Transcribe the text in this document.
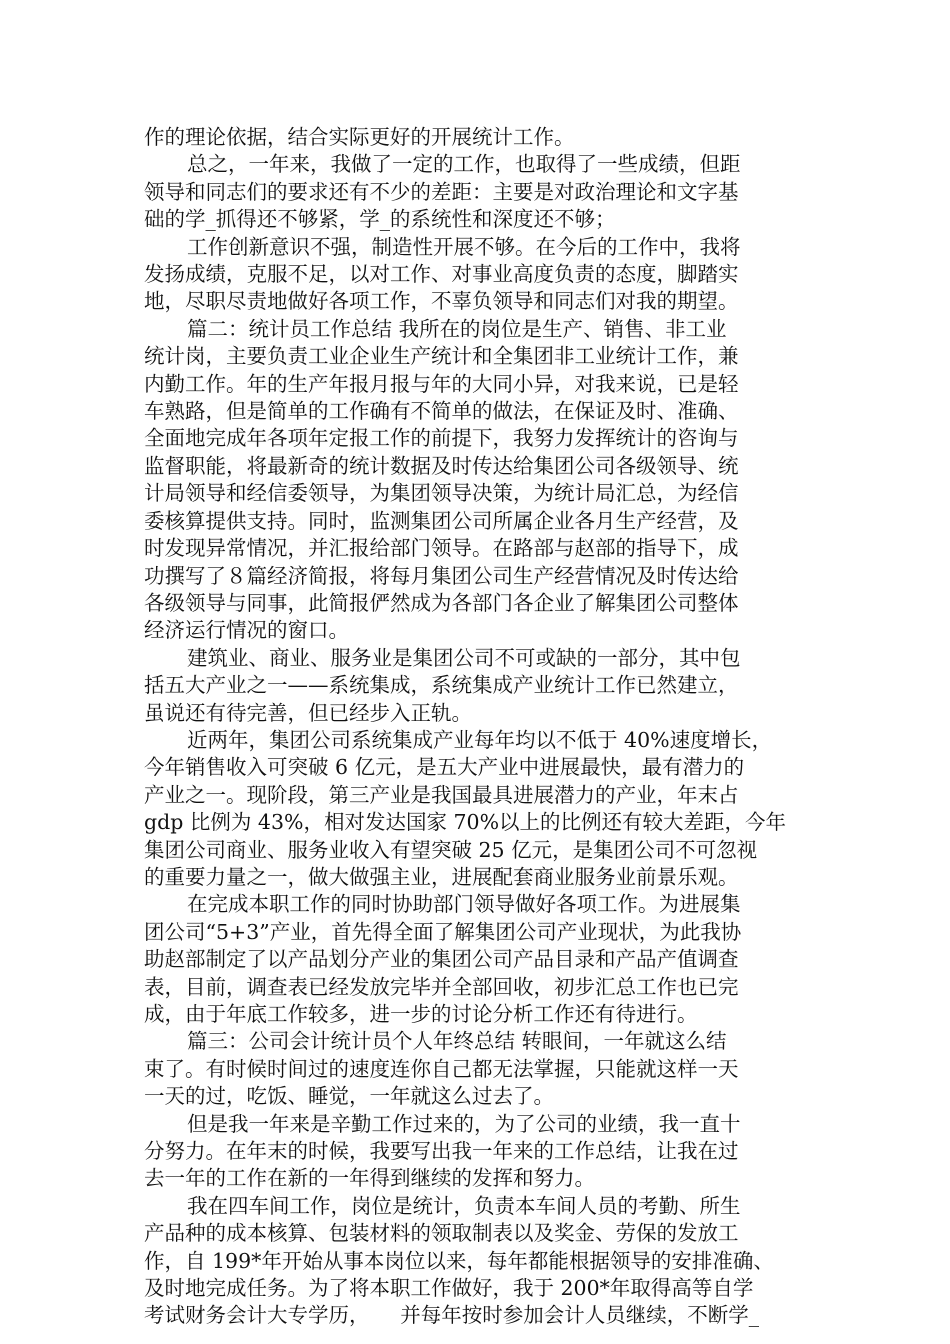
作的理论依据，结合实际更好的开展统计工作。
总之，一年来，我做了一定的工作，也取得了一些成绩，但距
领导和同志们的要求还有不少的差距：主要是对政治理论和文字基
础的学_抓得还不够紧，学_的系统性和深度还不够；
工作创新意识不强，制造性开展不够。在今后的工作中，我将
发扬成绩，克服不足，以对工作、对事业高度负责的态度，脚踏实
地，尽职尽责地做好各项工作，不辜负领导和同志们对我的期望。
篇二：统计员工作总结 我所在的岗位是生产、销售、非工业
统计岗，主要负责工业企业生产统计和全集团非工业统计工作，兼
内勤工作。年的生产年报月报与年的大同小异，对我来说，已是轻
车熟路，但是简单的工作确有不简单的做法，在保证及时、准确、
全面地完成年各项年定报工作的前提下，我努力发挥统计的咨询与
监督职能，将最新奇的统计数据及时传达给集团公司各级领导、统
计局领导和经信委领导，为集团领导决策，为统计局汇总，为经信
委核算提供支持。同时，监测集团公司所属企业各月生产经营，及
时发现异常情况，并汇报给部门领导。在路部与赵部的指导下，成
功撰写了８篇经济简报，将每月集团公司生产经营情况及时传达给
各级领导与同事，此简报俨然成为各部门各企业了解集团公司整体
经济运行情况的窗口。
建筑业、商业、服务业是集团公司不可或缺的一部分，其中包
括五大产业之一——系统集成，系统集成产业统计工作已然建立，
虽说还有待完善，但已经步入正轨。
近两年，集团公司系统集成产业每年均以不低于 40%速度增长，
今年销售收入可突破 6 亿元，是五大产业中进展最快，最有潜力的
产业之一。现阶段，第三产业是我国最具进展潜力的产业，年末占
gdp 比例为 43%，相对发达国家 70%以上的比例还有较大差距，今年
集团公司商业、服务业收入有望突破 25 亿元，是集团公司不可忽视
的重要力量之一，做大做强主业，进展配套商业服务业前景乐观。
在完成本职工作的同时协助部门领导做好各项工作。为进展集
团公司“5+3”产业，首先得全面了解集团公司产业现状，为此我协
助赵部制定了以产品划分产业的集团公司产品目录和产品产值调查
表，目前，调查表已经发放完毕并全部回收，初步汇总工作也已完
成，由于年底工作较多，进一步的讨论分析工作还有待进行。
篇三：公司会计统计员个人年终总结 转眼间，一年就这么结
束了。有时候时间过的速度连你自己都无法掌握，只能就这样一天
一天的过，吃饭、睡觉，一年就这么过去了。
但是我一年来是辛勤工作过来的，为了公司的业绩，我一直十
分努力。在年末的时候，我要写出我一年来的工作总结，让我在过
去一年的工作在新的一年得到继续的发挥和努力。
我在四车间工作，岗位是统计，负责本车间人员的考勤、所生
产品种的成本核算、包装材料的领取制表以及奖金、劳保的发放工
作，自 199*年开始从事本岗位以来，每年都能根据领导的安排准确、
及时地完成任务。为了将本职工作做好，我于 200*年取得高等自学
考试财务会计大专学历，　　并每年按时参加会计人员继续，不断学_
